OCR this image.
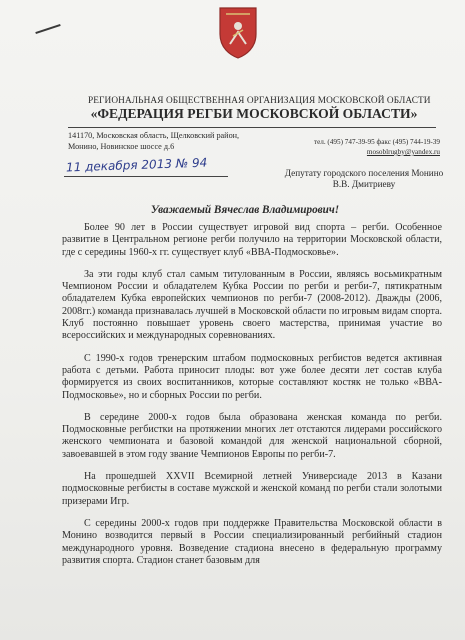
РЕГИОНАЛЬНАЯ ОБЩЕСТВЕННАЯ ОРГАНИЗАЦИЯ МОСКОВСКОЙ ОБЛАСТИ
«ФЕДЕРАЦИЯ РЕГБИ МОСКОВСКОЙ ОБЛАСТИ»
141170, Московская область, Щелковский район,
Монино, Новинское шоссе д.6	тел. (495) 747-39-95 факс (495) 744-19-39
mosoblrugby@yandex.ru
11 декабря 2013 № 94	Депутату городского поселения Монино
В.В. Дмитриеву
Уважаемый Вячеслав Владимирович!

Более 90 лет в России существует игровой вид спорта – регби. Особенное развитие в Центральном регионе регби получило на территории Московской области, где с середины 1960-х гг. существует клуб «ВВА-Подмосковье».

За эти годы клуб стал самым титулованным в России, являясь восьмикратным Чемпионом России и обладателем Кубка России по регби и регби-7, пятикратным обладателем Кубка европейских чемпионов по регби-7 (2008-2012). Дважды (2006, 2008гг.) команда признавалась лучшей в Московской области по игровым видам спорта. Клуб постоянно повышает уровень своего мастерства, принимая участие во всероссийских и международных соревнованиях.

С 1990-х годов тренерским штабом подмосковных регбистов ведется активная работа с детьми. Работа приносит плоды: вот уже более десяти лет состав клуба формируется из своих воспитанников, которые составляют костяк не только «ВВА-Подмосковье», но и сборных России по регби.

В середине 2000-х годов была образована женская команда по регби. Подмосковные регбистки на протяжении многих лет отстаются лидерами российского женского чемпионата и базовой командой для женской национальной сборной, завоевавшей в этом году звание Чемпионов Европы по регби-7.

На прошедшей XXVII Всемирной летней Универсиаде 2013 в Казани подмосковные регбисты в составе мужской и женской команд по регби стали золотыми призерами Игр.

С середины 2000-х годов при поддержке Правительства Московской области в Монино возводится первый в России специализированный регбийный стадион международного уровня. Возведение стадиона внесено в федеральную программу развития спорта. Стадион станет базовым для
